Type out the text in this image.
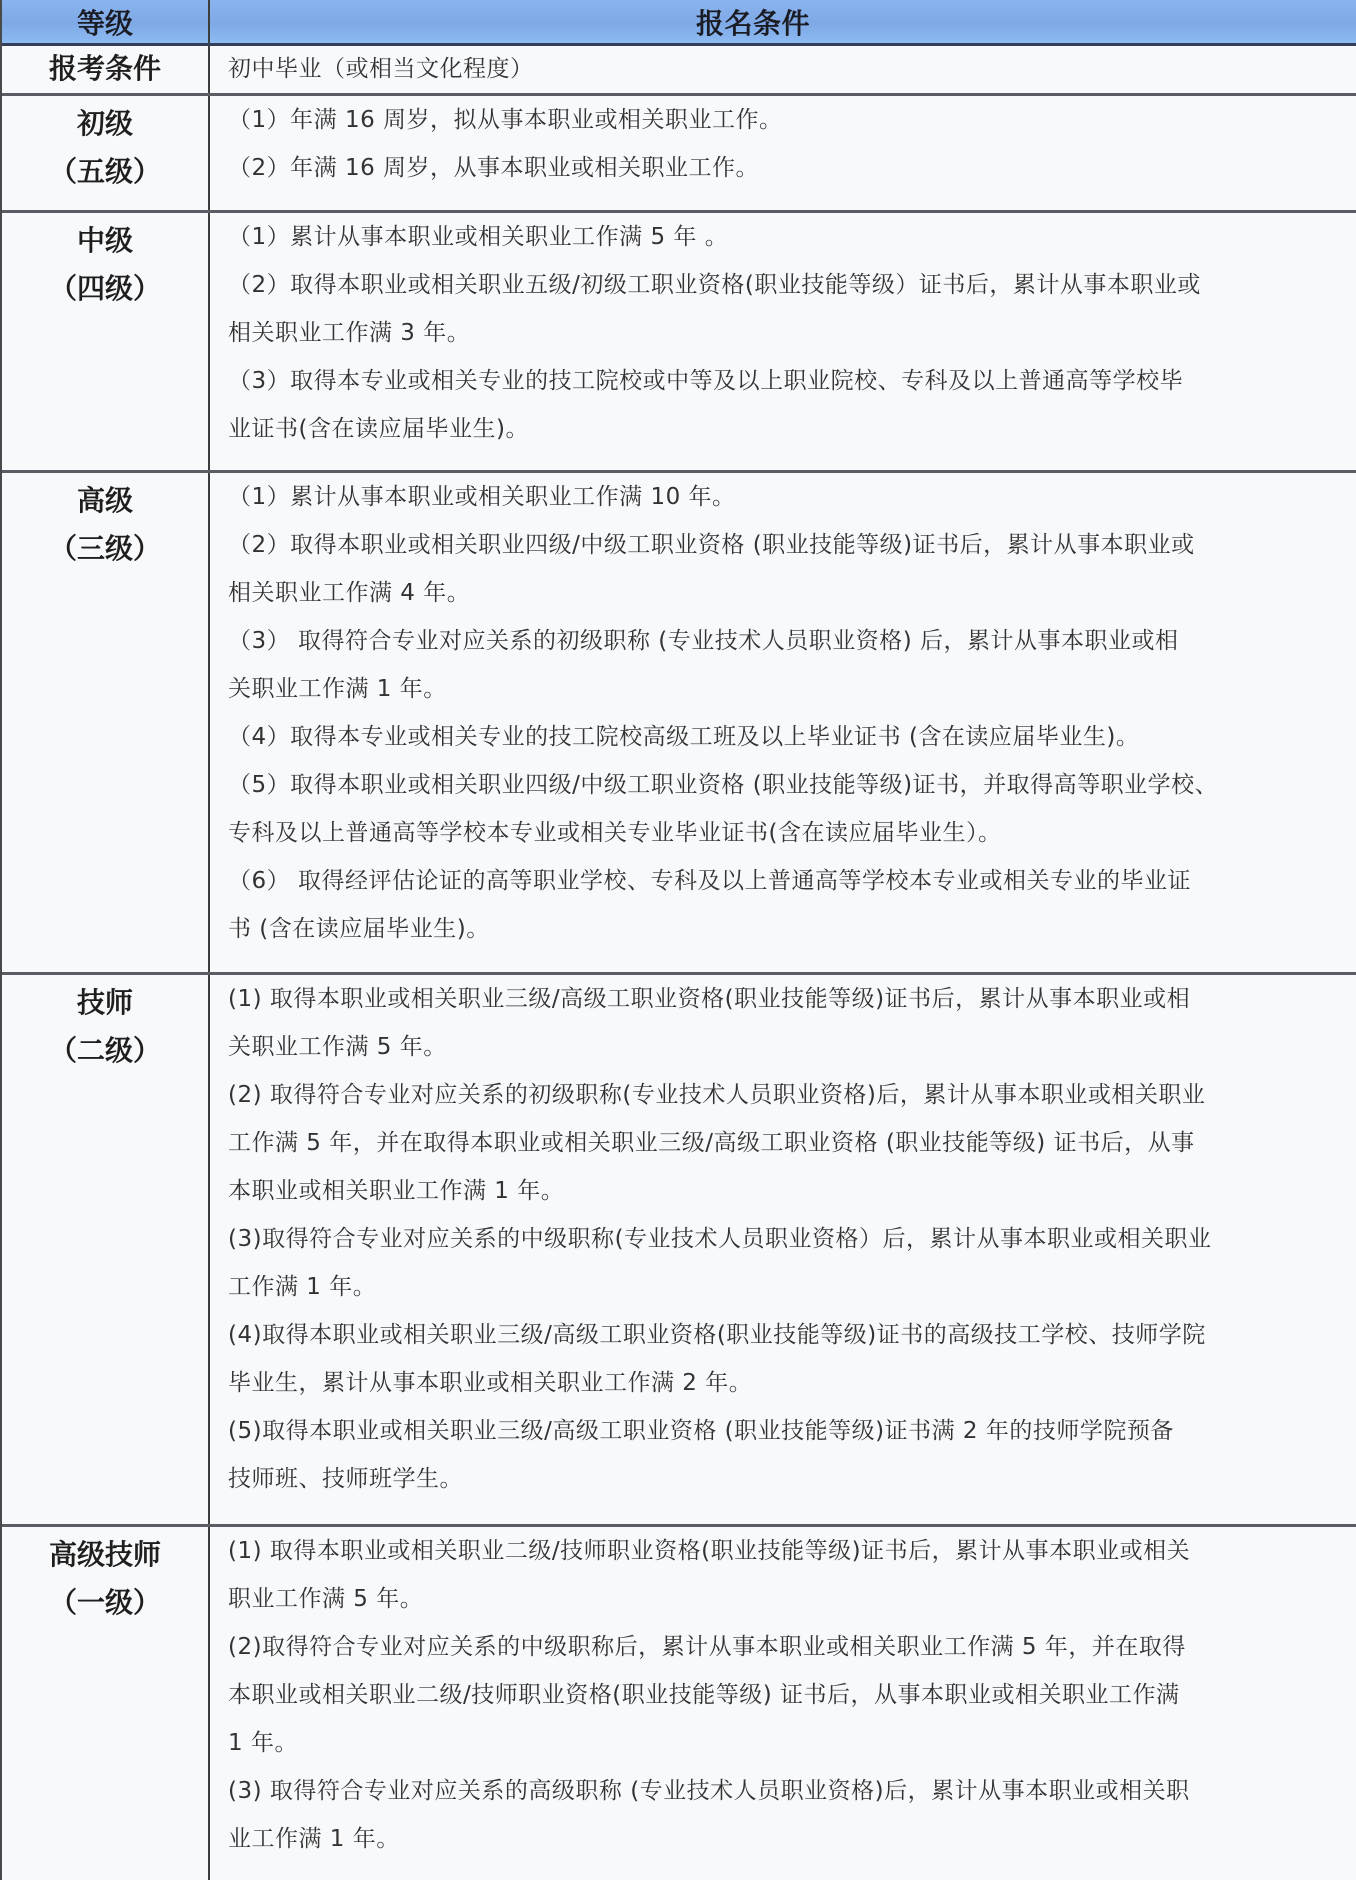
等级	报名条件
报考条件	初中毕业（或相当文化程度）
初级
（五级）
（1）年满 16 周岁，拟从事本职业或相关职业工作。
（2）年满 16 周岁，从事本职业或相关职业工作。
中级
（四级）
（1）累计从事本职业或相关职业工作满 5 年 。
（2）取得本职业或相关职业五级/初级工职业资格(职业技能等级）证书后，累计从事本职业或
相关职业工作满 3 年。
（3）取得本专业或相关专业的技工院校或中等及以上职业院校、专科及以上普通高等学校毕
业证书(含在读应届毕业生)。
高级
（三级）
（1）累计从事本职业或相关职业工作满 10 年。
（2）取得本职业或相关职业四级/中级工职业资格 (职业技能等级)证书后，累计从事本职业或
相关职业工作满 4 年。
（3） 取得符合专业对应关系的初级职称 (专业技术人员职业资格) 后，累计从事本职业或相
关职业工作满 1 年。
（4）取得本专业或相关专业的技工院校高级工班及以上毕业证书 (含在读应届毕业生)。
（5）取得本职业或相关职业四级/中级工职业资格 (职业技能等级)证书，并取得高等职业学校、
专科及以上普通高等学校本专业或相关专业毕业证书(含在读应届毕业生）。
（6） 取得经评估论证的高等职业学校、专科及以上普通高等学校本专业或相关专业的毕业证
书 (含在读应届毕业生)。
技师
（二级）
(1) 取得本职业或相关职业三级/高级工职业资格(职业技能等级)证书后，累计从事本职业或相
关职业工作满 5 年。
(2) 取得符合专业对应关系的初级职称(专业技术人员职业资格)后，累计从事本职业或相关职业
工作满 5 年，并在取得本职业或相关职业三级/高级工职业资格 (职业技能等级) 证书后，从事
本职业或相关职业工作满 1 年。
(3)取得符合专业对应关系的中级职称(专业技术人员职业资格）后，累计从事本职业或相关职业
工作满 1 年。
(4)取得本职业或相关职业三级/高级工职业资格(职业技能等级)证书的高级技工学校、技师学院
毕业生，累计从事本职业或相关职业工作满 2 年。
(5)取得本职业或相关职业三级/高级工职业资格 (职业技能等级)证书满 2 年的技师学院预备
技师班、技师班学生。
高级技师
（一级）
(1) 取得本职业或相关职业二级/技师职业资格(职业技能等级)证书后，累计从事本职业或相关
职业工作满 5 年。
(2)取得符合专业对应关系的中级职称后，累计从事本职业或相关职业工作满 5 年，并在取得
本职业或相关职业二级/技师职业资格(职业技能等级) 证书后，从事本职业或相关职业工作满
1 年。
(3) 取得符合专业对应关系的高级职称 (专业技术人员职业资格)后，累计从事本职业或相关职
业工作满 1 年。
